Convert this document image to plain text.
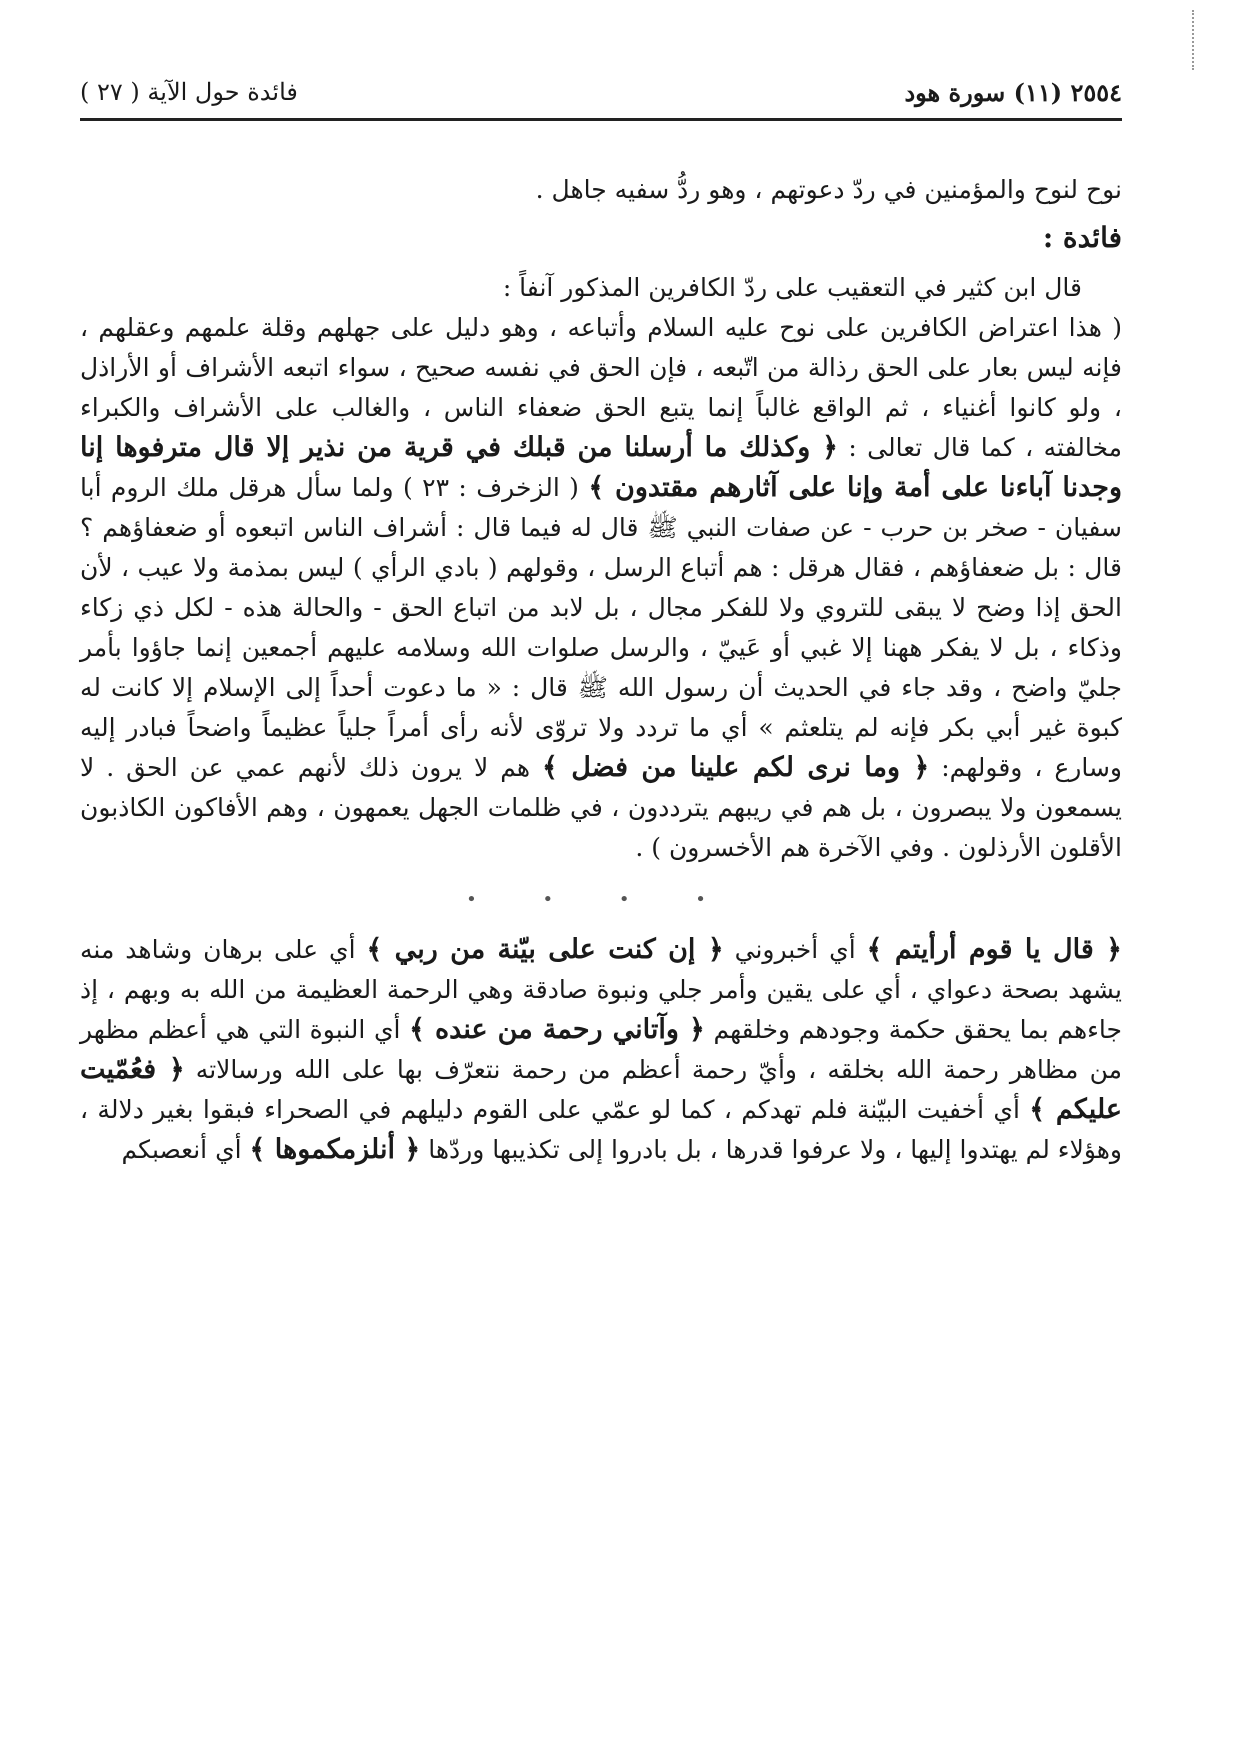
٢٥٥٤ (١١) سورة هود
فائدة حول الآية ( ٢٧ )

نوح لنوح والمؤمنين في ردّ دعوتهم ، وهو ردُّ سفيه جاهل .

فائدة :

قال ابن كثير في التعقيب على ردّ الكافرين المذكور آنفاً :

( هذا اعتراض الكافرين على نوح عليه السلام وأتباعه ، وهو دليل على جهلهم وقلة علمهم وعقلهم ، فإنه ليس بعار على الحق رذالة من اتّبعه ، فإن الحق في نفسه صحيح ، سواء اتبعه الأشراف أو الأراذل ، ولو كانوا أغنياء ، ثم الواقع غالباً إنما يتبع الحق ضعفاء الناس ، والغالب على الأشراف والكبراء مخالفته ، كما قال تعالى : ﴿ وكذلك ما أرسلنا من قبلك في قرية من نذير إلا قال مترفوها إنا وجدنا آباءنا على أمة وإنا على آثارهم مقتدون ﴾ ( الزخرف : ٢٣ ) ولما سأل هرقل ملك الروم أبا سفيان - صخر بن حرب - عن صفات النبي ﷺ قال له فيما قال : أشراف الناس اتبعوه أو ضعفاؤهم ؟ قال : بل ضعفاؤهم ، فقال هرقل : هم أتباع الرسل ، وقولهم ( بادي الرأي ) ليس بمذمة ولا عيب ، لأن الحق إذا وضح لا يبقى للتروي ولا للفكر مجال ، بل لابد من اتباع الحق - والحالة هذه - لكل ذي زكاء وذكاء ، بل لا يفكر ههنا إلا غبي أو عَييّ ، والرسل صلوات الله وسلامه عليهم أجمعين إنما جاؤوا بأمر جليّ واضح ، وقد جاء في الحديث أن رسول الله ﷺ قال : « ما دعوت أحداً إلى الإسلام إلا كانت له كبوة غير أبي بكر فإنه لم يتلعثم » أي ما تردد ولا تروّى لأنه رأى أمراً جلياً عظيماً واضحاً فبادر إليه وسارع ، وقولهم: ﴿ وما نرى لكم علينا من فضل ﴾ هم لا يرون ذلك لأنهم عمي عن الحق . لا يسمعون ولا يبصرون ، بل هم في ريبهم يترددون ، في ظلمات الجهل يعمهون ، وهم الأفاكون الكاذبون الأقلون الأرذلون . وفي الآخرة هم الأخسرون ) .

• • • •

﴿ قال يا قوم أرأيتم ﴾ أي أخبروني ﴿ إن كنت على بيّنة من ربي ﴾ أي على برهان وشاهد منه يشهد بصحة دعواي ، أي على يقين وأمر جلي ونبوة صادقة وهي الرحمة العظيمة من الله به وبهم ، إذ جاءهم بما يحقق حكمة وجودهم وخلقهم ﴿ وآتاني رحمة من عنده ﴾ أي النبوة التي هي أعظم مظهر من مظاهر رحمة الله بخلقه ، وأيّ رحمة أعظم من رحمة نتعرّف بها على الله ورسالاته ﴿ فعُمّيت عليكم ﴾ أي أخفيت البيّنة فلم تهدكم ، كما لو عمّي على القوم دليلهم في الصحراء فبقوا بغير دلالة ، وهؤلاء لم يهتدوا إليها ، ولا عرفوا قدرها ، بل بادروا إلى تكذيبها وردّها ﴿ أنلزمكموها ﴾ أي أنعصبكم
